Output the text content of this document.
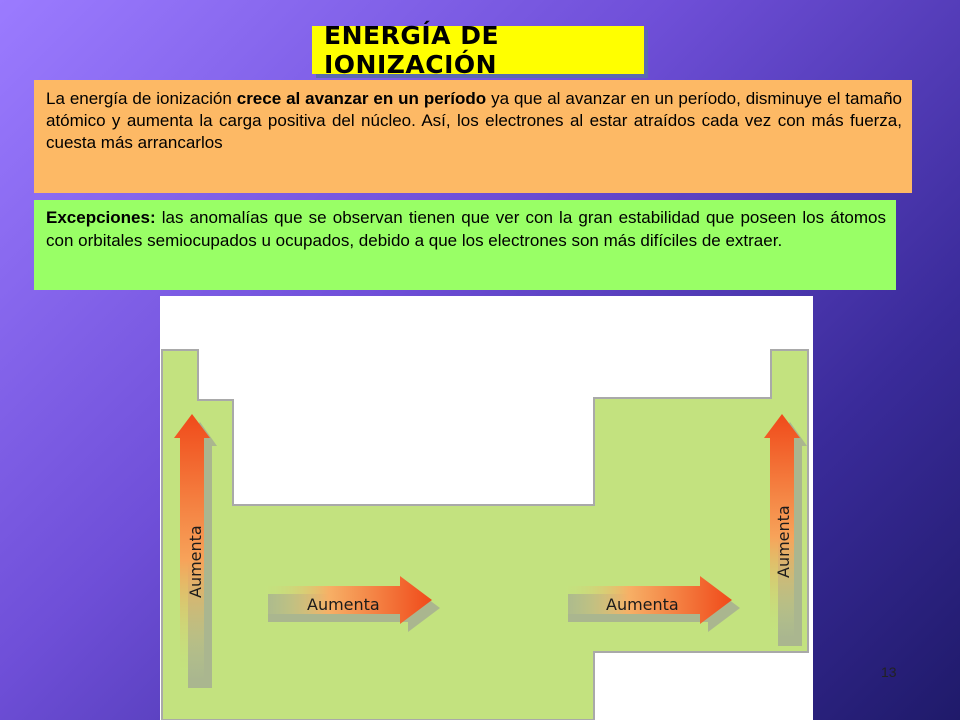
ENERGÍA DE IONIZACIÓN
La energía de ionización crece al avanzar en un período ya que al avanzar en un período, disminuye el tamaño atómico y aumenta la carga positiva del núcleo. Así, los electrones al estar atraídos cada vez con más fuerza, cuesta más arrancarlos
Excepciones: las anomalías que se observan tienen que ver con la gran estabilidad que poseen los átomos con orbitales semiocupados u ocupados, debido a que los electrones son más difíciles de extraer.
Aumenta
Aumenta	Aumenta
Aumenta
13
